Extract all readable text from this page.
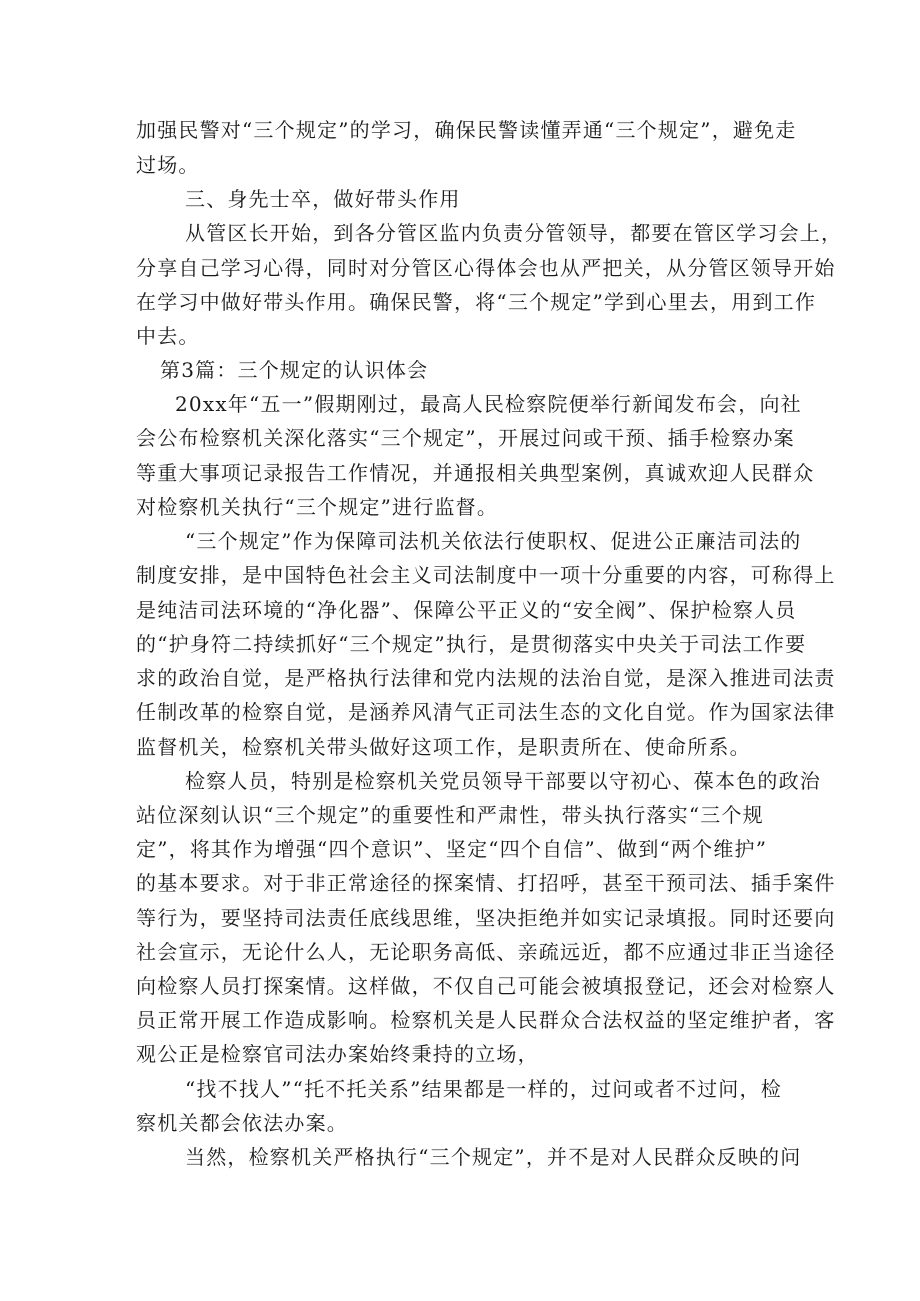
加强民警对“三个规定”的学习，确保民警读懂弄通“三个规定”，避免走
过场。
三、身先士卒，做好带头作用
从管区长开始，到各分管区监内负责分管领导，都要在管区学习会上，
分享自己学习心得，同时对分管区心得体会也从严把关，从分管区领导开始
在学习中做好带头作用。确保民警，将“三个规定”学到心里去，用到工作
中去。
第3篇：三个规定的认识体会
20xx年“五一”假期刚过，最高人民检察院便举行新闻发布会，向社
会公布检察机关深化落实“三个规定”，开展过问或干预、插手检察办案
等重大事项记录报告工作情况，并通报相关典型案例，真诚欢迎人民群众
对检察机关执行“三个规定”进行监督。
“三个规定”作为保障司法机关依法行使职权、促进公正廉洁司法的
制度安排，是中国特色社会主义司法制度中一项十分重要的内容，可称得上
是纯洁司法环境的“净化器”、保障公平正义的“安全阀”、保护检察人员
的“护身符二持续抓好“三个规定”执行，是贯彻落实中央关于司法工作要
求的政治自觉，是严格执行法律和党内法规的法治自觉，是深入推进司法责
任制改革的检察自觉，是涵养风清气正司法生态的文化自觉。作为国家法律
监督机关，检察机关带头做好这项工作，是职责所在、使命所系。
检察人员，特别是检察机关党员领导干部要以守初心、葆本色的政治
站位深刻认识“三个规定”的重要性和严肃性，带头执行落实“三个规
定”，将其作为增强“四个意识”、坚定“四个自信”、做到“两个维护”
的基本要求。对于非正常途径的探案情、打招呼，甚至干预司法、插手案件
等行为，要坚持司法责任底线思维，坚决拒绝并如实记录填报。同时还要向
社会宣示，无论什么人，无论职务高低、亲疏远近，都不应通过非正当途径
向检察人员打探案情。这样做，不仅自己可能会被填报登记，还会对检察人
员正常开展工作造成影响。检察机关是人民群众合法权益的坚定维护者，客
观公正是检察官司法办案始终秉持的立场，
“找不找人”“托不托关系”结果都是一样的，过问或者不过问，检
察机关都会依法办案。
当然，检察机关严格执行“三个规定”，并不是对人民群众反映的问
